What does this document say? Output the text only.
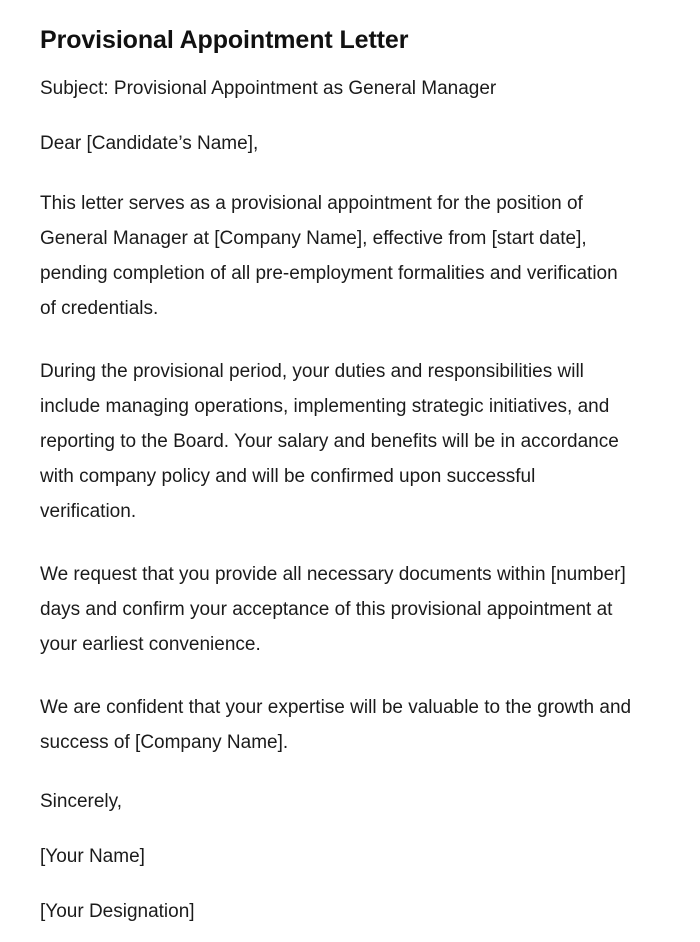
Provisional Appointment Letter

Subject: Provisional Appointment as General Manager

Dear [Candidate’s Name],

This letter serves as a provisional appointment for the position of General Manager at [Company Name], effective from [start date], pending completion of all pre-employment formalities and verification of credentials.

During the provisional period, your duties and responsibilities will include managing operations, implementing strategic initiatives, and reporting to the Board. Your salary and benefits will be in accordance with company policy and will be confirmed upon successful verification.

We request that you provide all necessary documents within [number] days and confirm your acceptance of this provisional appointment at your earliest convenience.

We are confident that your expertise will be valuable to the growth and success of [Company Name].

Sincerely,

[Your Name]

[Your Designation]
